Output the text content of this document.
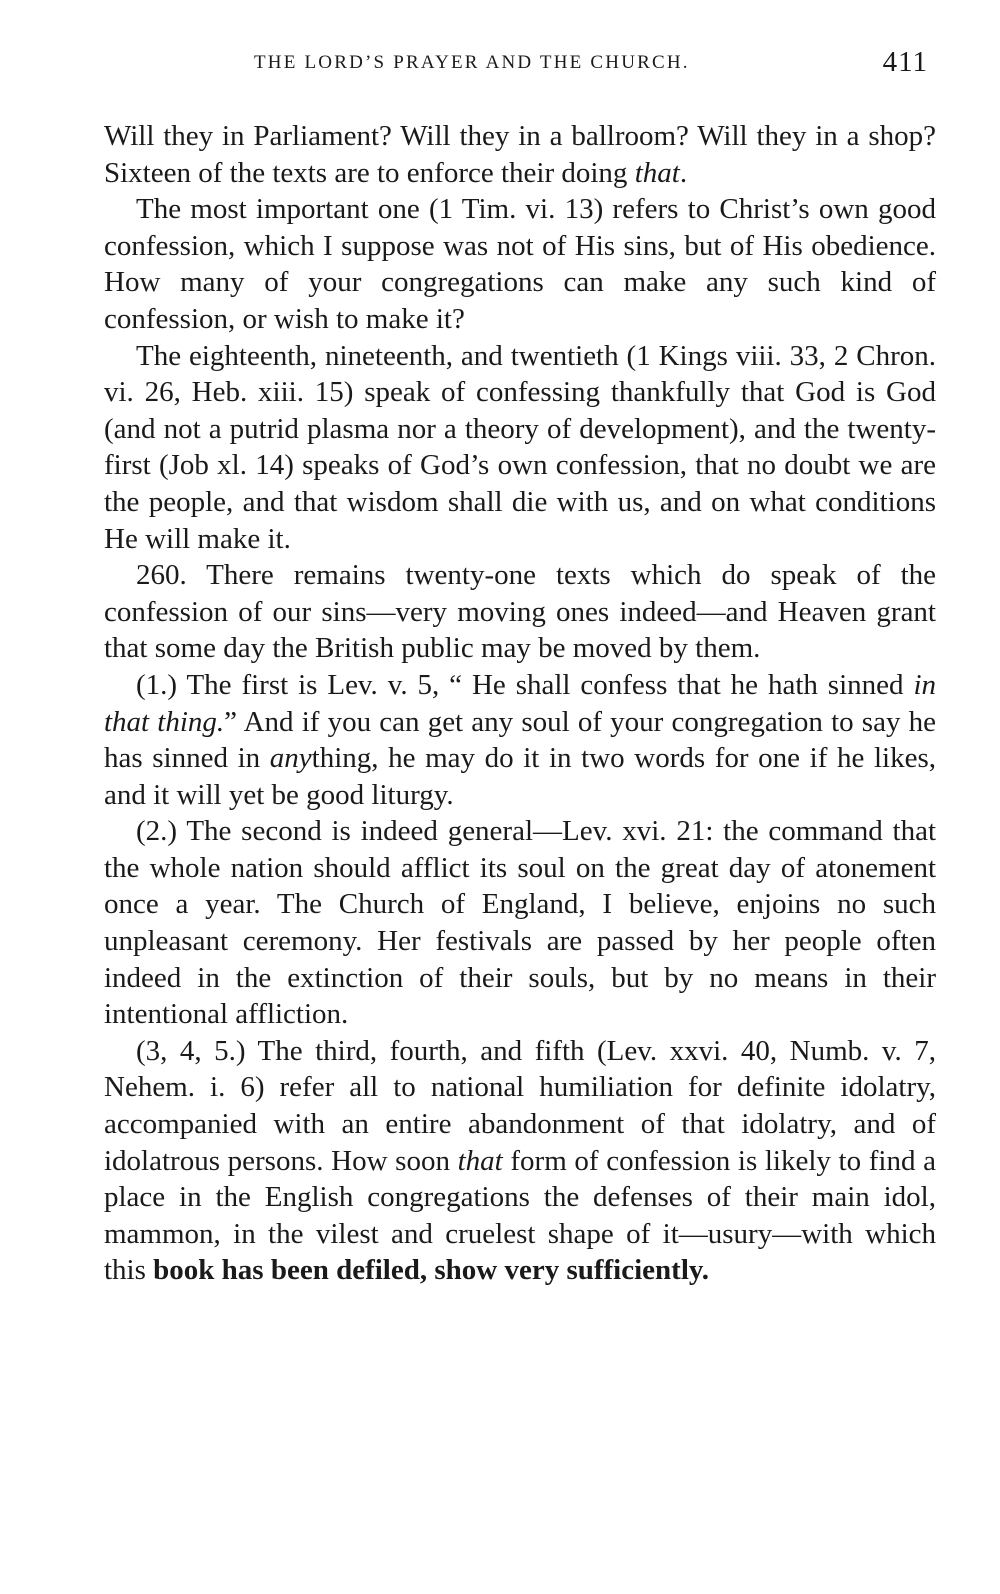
THE LORD’S PRAYER AND THE CHURCH.	411

Will they in Parliament? Will they in a ballroom? Will they in a shop? Sixteen of the texts are to enforce their doing that.

The most important one (1 Tim. vi. 13) refers to Christ’s own good confession, which I suppose was not of His sins, but of His obedience. How many of your congregations can make any such kind of confession, or wish to make it?

The eighteenth, nineteenth, and twentieth (1 Kings viii. 33, 2 Chron. vi. 26, Heb. xiii. 15) speak of confessing thankfully that God is God (and not a putrid plasma nor a theory of development), and the twenty-first (Job xl. 14) speaks of God’s own confession, that no doubt we are the people, and that wisdom shall die with us, and on what conditions He will make it.

260. There remains twenty-one texts which do speak of the confession of our sins—very moving ones indeed—and Heaven grant that some day the British public may be moved by them.

(1.) The first is Lev. v. 5, “ He shall confess that he hath sinned in that thing.” And if you can get any soul of your congregation to say he has sinned in anything, he may do it in two words for one if he likes, and it will yet be good liturgy.

(2.) The second is indeed general—Lev. xvi. 21: the command that the whole nation should afflict its soul on the great day of atonement once a year. The Church of England, I believe, enjoins no such unpleasant ceremony. Her festivals are passed by her people often indeed in the extinction of their souls, but by no means in their intentional affliction.

(3, 4, 5.) The third, fourth, and fifth (Lev. xxvi. 40, Numb. v. 7, Nehem. i. 6) refer all to national humiliation for definite idolatry, accompanied with an entire abandonment of that idolatry, and of idolatrous persons. How soon that form of confession is likely to find a place in the English congregations the defenses of their main idol, mammon, in the vilest and cruelest shape of it—usury—with which this book has been defiled, show very sufficiently.
